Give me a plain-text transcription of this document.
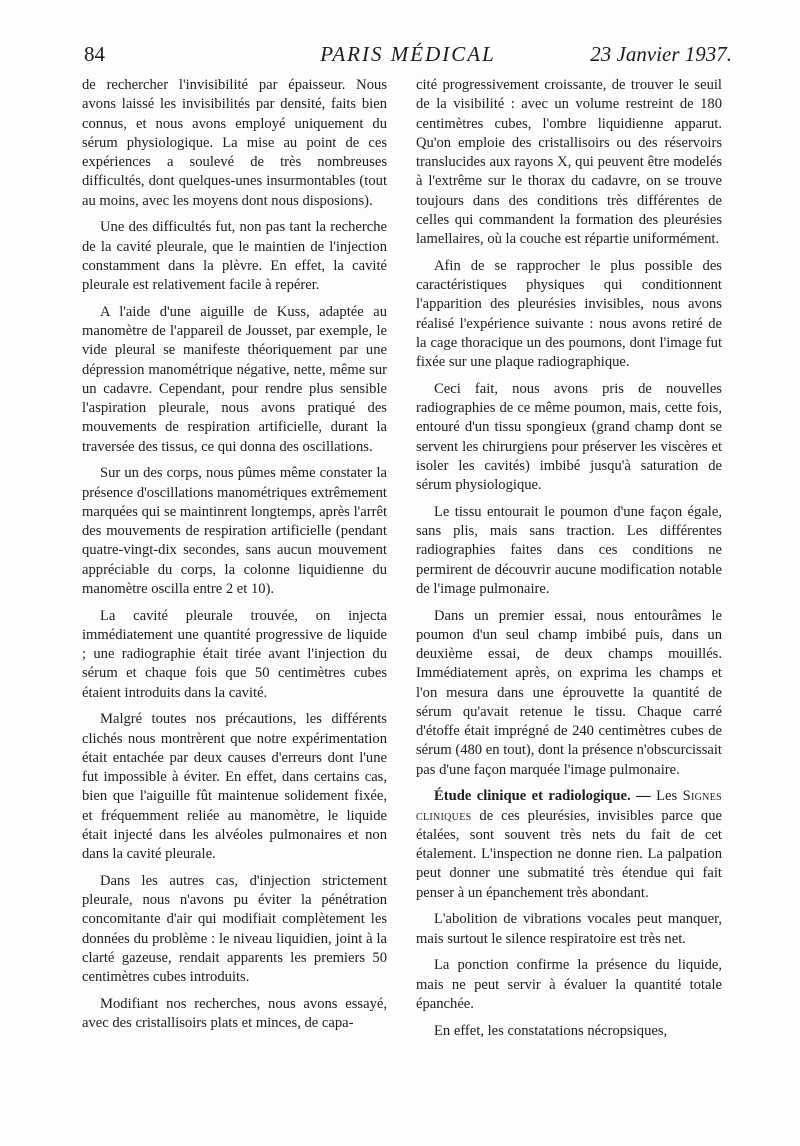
84	PARIS MÉDICAL	23 Janvier 1937.

de rechercher l'invisibilité par épaisseur. Nous avons laissé les invisibilités par densité, faits bien connus, et nous avons employé uniquement du sérum physiologique. La mise au point de ces expériences a soulevé de très nombreuses difficultés, dont quelques-unes insurmontables (tout au moins, avec les moyens dont nous disposions).

Une des difficultés fut, non pas tant la recherche de la cavité pleurale, que le maintien de l'injection constamment dans la plèvre. En effet, la cavité pleurale est relativement facile à repérer.

A l'aide d'une aiguille de Kuss, adaptée au manomètre de l'appareil de Jousset, par exemple, le vide pleural se manifeste théoriquement par une dépression manométrique négative, nette, même sur un cadavre. Cependant, pour rendre plus sensible l'aspiration pleurale, nous avons pratiqué des mouvements de respiration artificielle, durant la traversée des tissus, ce qui donna des oscillations.

Sur un des corps, nous pûmes même constater la présence d'oscillations manométriques extrêmement marquées qui se maintinrent longtemps, après l'arrêt des mouvements de respiration artificielle (pendant quatre-vingt-dix secondes, sans aucun mouvement appréciable du corps, la colonne liquidienne du manomètre oscilla entre 2 et 10).

La cavité pleurale trouvée, on injecta immédiatement une quantité progressive de liquide ; une radiographie était tirée avant l'injection du sérum et chaque fois que 50 centimètres cubes étaient introduits dans la cavité.

Malgré toutes nos précautions, les différents clichés nous montrèrent que notre expérimentation était entachée par deux causes d'erreurs dont l'une fut impossible à éviter. En effet, dans certains cas, bien que l'aiguille fût maintenue solidement fixée, et fréquemment reliée au manomètre, le liquide était injecté dans les alvéoles pulmonaires et non dans la cavité pleurale.

Dans les autres cas, d'injection strictement pleurale, nous n'avons pu éviter la pénétration concomitante d'air qui modifiait complètement les données du problème : le niveau liquidien, joint à la clarté gazeuse, rendait apparents les premiers 50 centimètres cubes introduits.

Modifiant nos recherches, nous avons essayé, avec des cristallisoirs plats et minces, de capa-

cité progressivement croissante, de trouver le seuil de la visibilité : avec un volume restreint de 180 centimètres cubes, l'ombre liquidienne apparut. Qu'on emploie des cristallisoirs ou des réservoirs translucides aux rayons X, qui peuvent être modelés à l'extrême sur le thorax du cadavre, on se trouve toujours dans des conditions très différentes de celles qui commandent la formation des pleurésies lamellaires, où la couche est répartie uniformément.

Afin de se rapprocher le plus possible des caractéristiques physiques qui conditionnent l'apparition des pleurésies invisibles, nous avons réalisé l'expérience suivante : nous avons retiré de la cage thoracique un des poumons, dont l'image fut fixée sur une plaque radiographique.

Ceci fait, nous avons pris de nouvelles radiographies de ce même poumon, mais, cette fois, entouré d'un tissu spongieux (grand champ dont se servent les chirurgiens pour préserver les viscères et isoler les cavités) imbibé jusqu'à saturation de sérum physiologique.

Le tissu entourait le poumon d'une façon égale, sans plis, mais sans traction. Les différentes radiographies faites dans ces conditions ne permirent de découvrir aucune modification notable de l'image pulmonaire.

Dans un premier essai, nous entourâmes le poumon d'un seul champ imbibé puis, dans un deuxième essai, de deux champs mouillés. Immédiatement après, on exprima les champs et l'on mesura dans une éprouvette la quantité de sérum qu'avait retenue le tissu. Chaque carré d'étoffe était imprégné de 240 centimètres cubes de sérum (480 en tout), dont la présence n'obscurcissait pas d'une façon marquée l'image pulmonaire.

Étude clinique et radiologique. — Les Signes cliniques de ces pleurésies, invisibles parce que étalées, sont souvent très nets du fait de cet étalement. L'inspection ne donne rien. La palpation peut donner une submatité très étendue qui fait penser à un épanchement très abondant.

L'abolition de vibrations vocales peut manquer, mais surtout le silence respiratoire est très net.

La ponction confirme la présence du liquide, mais ne peut servir à évaluer la quantité totale épanchée.

En effet, les constatations nécropsiques,
